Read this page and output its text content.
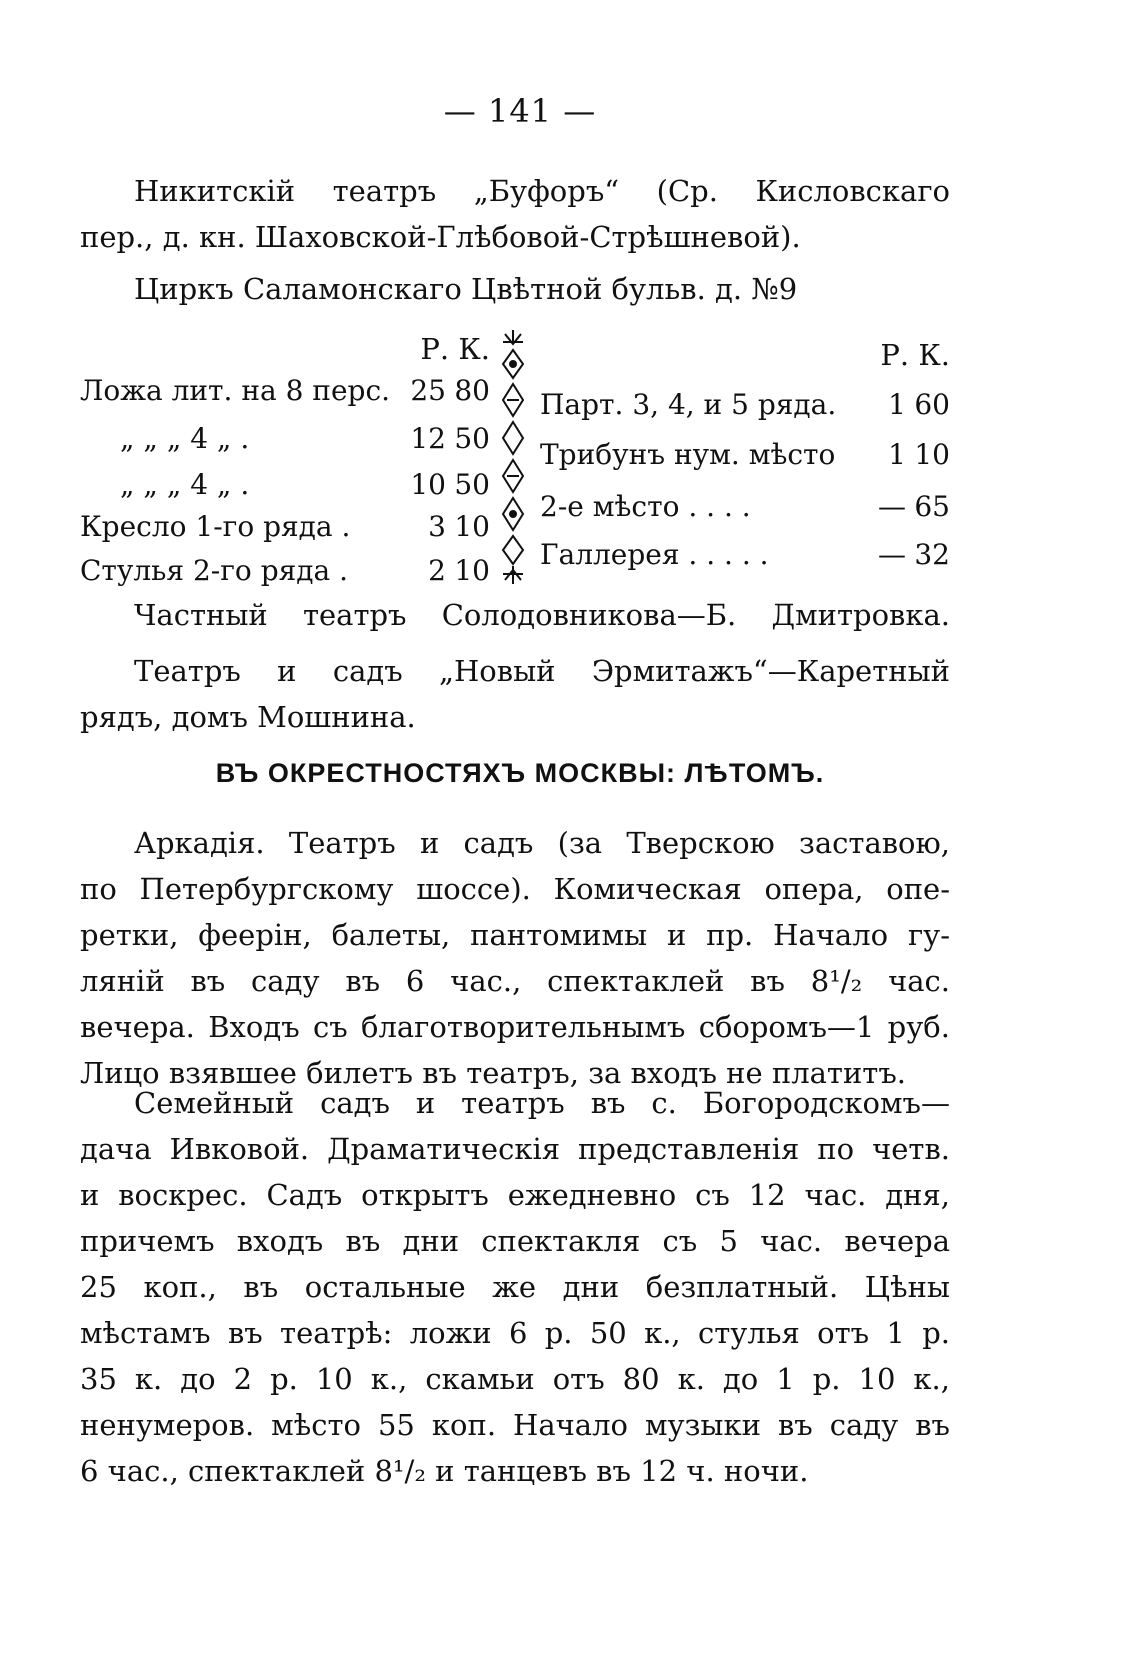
— 141 —
Никитскій театръ „Буфоръ“ (Ср. Кисловскаго
пер., д. кн. Шаховской-Глѣбовой-Стрѣшневой).
Циркъ Саламонскаго Цвѣтной бульв. д. №9
Р. К.
Ложа лит. на 8 перс. 25 80
„ „ „ 4 „ .	12 50
„ „ „ 4 „ .	10 50
Кресло 1-го ряда .	3 10
Стулья 2-го ряда .	2 10
Р. К.
Парт. 3, 4, и 5 ряда. 1 60
Трибунъ нум. мѣсто 1 10
2-е мѣсто . . . .	— 65
Галлерея . . . . .	— 32
Частный театръ Солодовникова—Б. Дмитровка.
Театръ и садъ „Новый Эрмитажъ“—Каретный
рядъ, домъ Мошнина.
ВЪ ОКРЕСТНОСТЯХЪ МОСКВЫ: ЛѢТОМЪ.
Аркадія. Театръ и садъ (за Тверскою заставою,
по Петербургскому шоссе). Комическая опера, опе-
ретки, феерін, балеты, пантомимы и пр. Начало гу-
ляній въ саду въ 6 час., спектаклей въ 8¹/₂ час.
вечера. Входъ съ благотворительнымъ сборомъ—1 руб.
Лицо взявшее билетъ въ театръ, за входъ не платитъ.
Семейный садъ и театръ въ с. Богородскомъ—
дача Ивковой. Драматическія представленія по четв.
и воскрес. Садъ открытъ ежедневно съ 12 час. дня,
причемъ входъ въ дни спектакля съ 5 час. вечера
25 коп., въ остальные же дни безплатный. Цѣны
мѣстамъ въ театрѣ: ложи 6 р. 50 к., стулья отъ 1 р.
35 к. до 2 р. 10 к., скамьи отъ 80 к. до 1 р. 10 к.,
ненумеров. мѣсто 55 коп. Начало музыки въ саду въ
6 час., спектаклей 8¹/₂ и танцевъ въ 12 ч. ночи.
